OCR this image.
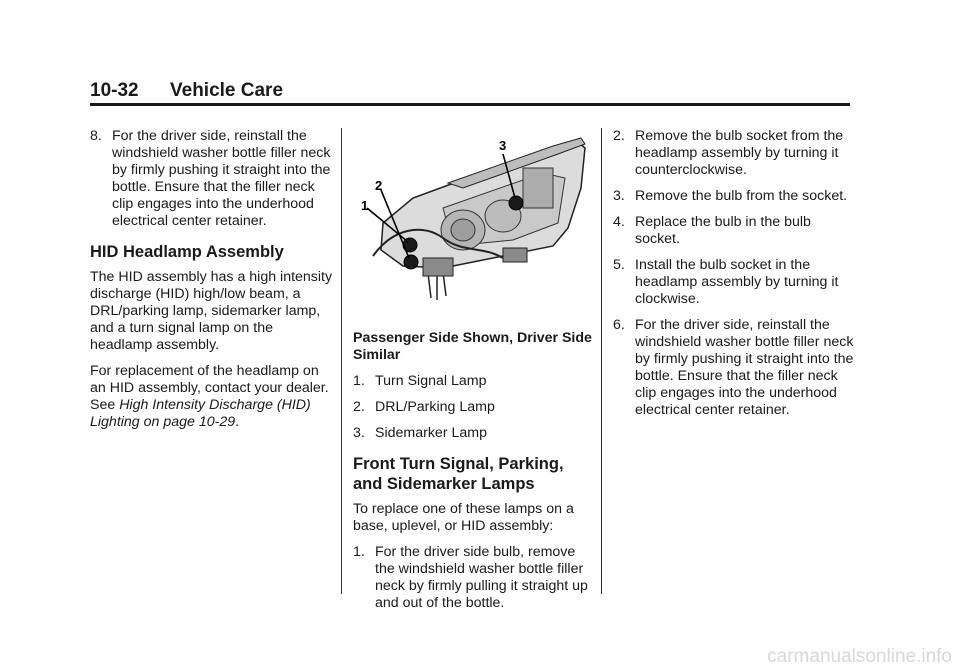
10-32 Vehicle Care
8. For the driver side, reinstall the windshield washer bottle filler neck by firmly pushing it straight into the bottle. Ensure that the filler neck clip engages into the underhood electrical center retainer.
HID Headlamp Assembly

The HID assembly has a high intensity discharge (HID) high/low beam, a DRL/parking lamp, sidemarker lamp, and a turn signal lamp on the headlamp assembly.

For replacement of the headlamp on an HID assembly, contact your dealer. See High Intensity Discharge (HID) Lighting on page 10-29.

1
2
3

Passenger Side Shown, Driver Side Similar

1. Turn Signal Lamp
2. DRL/Parking Lamp
3. Sidemarker Lamp
Front Turn Signal, Parking, and Sidemarker Lamps

To replace one of these lamps on a base, uplevel, or HID assembly:

1. For the driver side bulb, remove the windshield washer bottle filler neck by firmly pulling it straight up and out of the bottle.
2. Remove the bulb socket from the headlamp assembly by turning it counterclockwise.
3. Remove the bulb from the socket.
4. Replace the bulb in the bulb socket.
5. Install the bulb socket in the headlamp assembly by turning it clockwise.
6. For the driver side, reinstall the windshield washer bottle filler neck by firmly pushing it straight into the bottle. Ensure that the filler neck clip engages into the underhood electrical center retainer.
carmanualsonline.info
